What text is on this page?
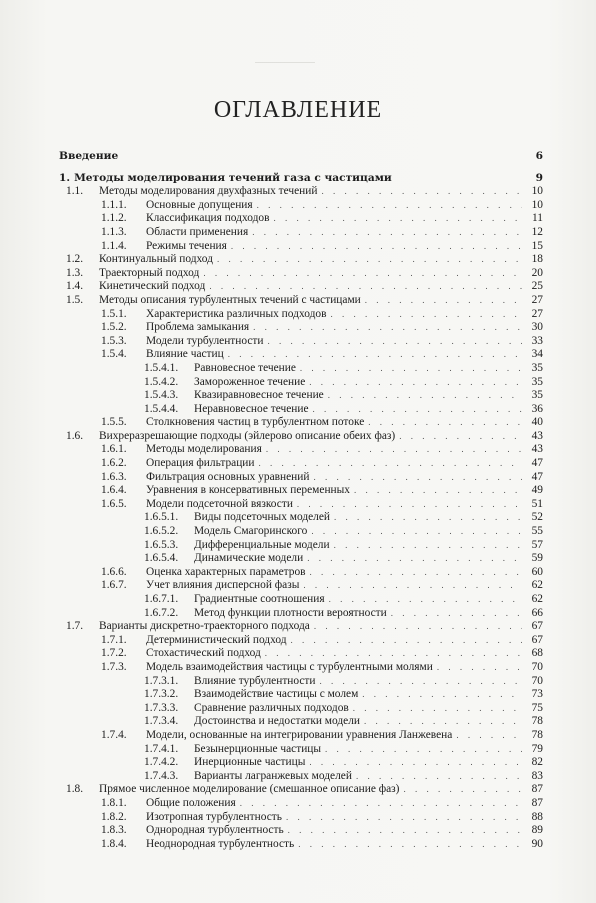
ОГЛАВЛЕНИЕ
Введение	6
1. Методы моделирования течений газа с частицами	9
1.1.	Методы моделирования двухфазных течений . . .	10
1.1.1.	Основные допущения . . .	10
1.1.2.	Классификация подходов . . .	11
1.1.3.	Области применения . . .	12
1.1.4.	Режимы течения . . .	15
1.2.	Континуальный подход . . .	18
1.3.	Траекторный подход . . .	20
1.4.	Кинетический подход . . .	25
1.5.	Методы описания турбулентных течений с частицами . . .	27
1.5.1.	Характеристика различных подходов . . .	27
1.5.2.	Проблема замыкания . . .	30
1.5.3.	Модели турбулентности . . .	33
1.5.4.	Влияние частиц . . .	34
1.5.4.1.	Равновесное течение . . .	35
1.5.4.2.	Замороженное течение . . .	35
1.5.4.3.	Квазиравновесное течение . . .	35
1.5.4.4.	Неравновесное течение . . .	36
1.5.5.	Столкновения частиц в турбулентном потоке . . .	40
1.6.	Вихреразрешающие подходы (эйлерово описание обеих фаз) . . .	43
1.6.1.	Методы моделирования . . .	43
1.6.2.	Операция фильтрации . . .	47
1.6.3.	Фильтрация основных уравнений . . .	47
1.6.4.	Уравнения в консервативных переменных . . .	49
1.6.5.	Модели подсеточной вязкости . . .	51
1.6.5.1.	Виды подсеточных моделей . . .	52
1.6.5.2.	Модель Смагоринского . . .	55
1.6.5.3.	Дифференциальные модели . . .	57
1.6.5.4.	Динамические модели . . .	59
1.6.6.	Оценка характерных параметров . . .	60
1.6.7.	Учет влияния дисперсной фазы . . .	62
1.6.7.1.	Градиентные соотношения . . .	62
1.6.7.2.	Метод функции плотности вероятности . . .	66
1.7.	Варианты дискретно-траекторного подхода . . .	67
1.7.1.	Детерминистический подход . . .	67
1.7.2.	Стохастический подход . . .	68
1.7.3.	Модель взаимодействия частицы с турбулентными молями . . .	70
1.7.3.1.	Влияние турбулентности . . .	70
1.7.3.2.	Взаимодействие частицы с молем . . .	73
1.7.3.3.	Сравнение различных подходов . . .	75
1.7.3.4.	Достоинства и недостатки модели . . .	78
1.7.4.	Модели, основанные на интегрировании уравнения Ланжевена . . .	78
1.7.4.1.	Безынерционные частицы . . .	79
1.7.4.2.	Инерционные частицы . . .	82
1.7.4.3.	Варианты лагранжевых моделей . . .	83
1.8.	Прямое численное моделирование (смешанное описание фаз) . . .	87
1.8.1.	Общие положения . . .	87
1.8.2.	Изотропная турбулентность . . .	88
1.8.3.	Однородная турбулентность . . .	89
1.8.4.	Неоднородная турбулентность . . .	90
